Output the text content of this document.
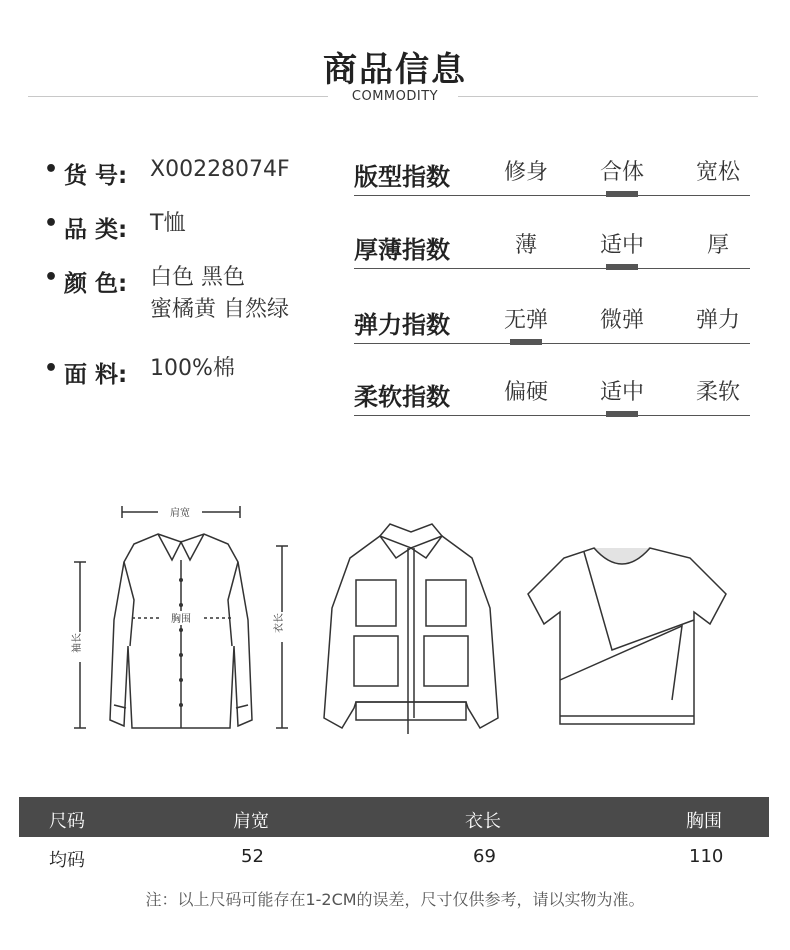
商品信息
COMMODITY
• 货 号:	X00228074F
• 品 类:	T恤
• 颜 色:	白色 黑色
蜜橘黄 自然绿
• 面 料:	100%棉
版型指数	修身	合体	宽松
厚薄指数	薄	适中	厚
弹力指数	无弹	微弹	弹力
柔软指数	偏硬	适中	柔软
肩宽
胸围
袖长
衣长
尺码	肩宽	衣长	胸围
均码	52	69	110
注：以上尺码可能存在1-2CM的误差，尺寸仅供参考，请以实物为准。
